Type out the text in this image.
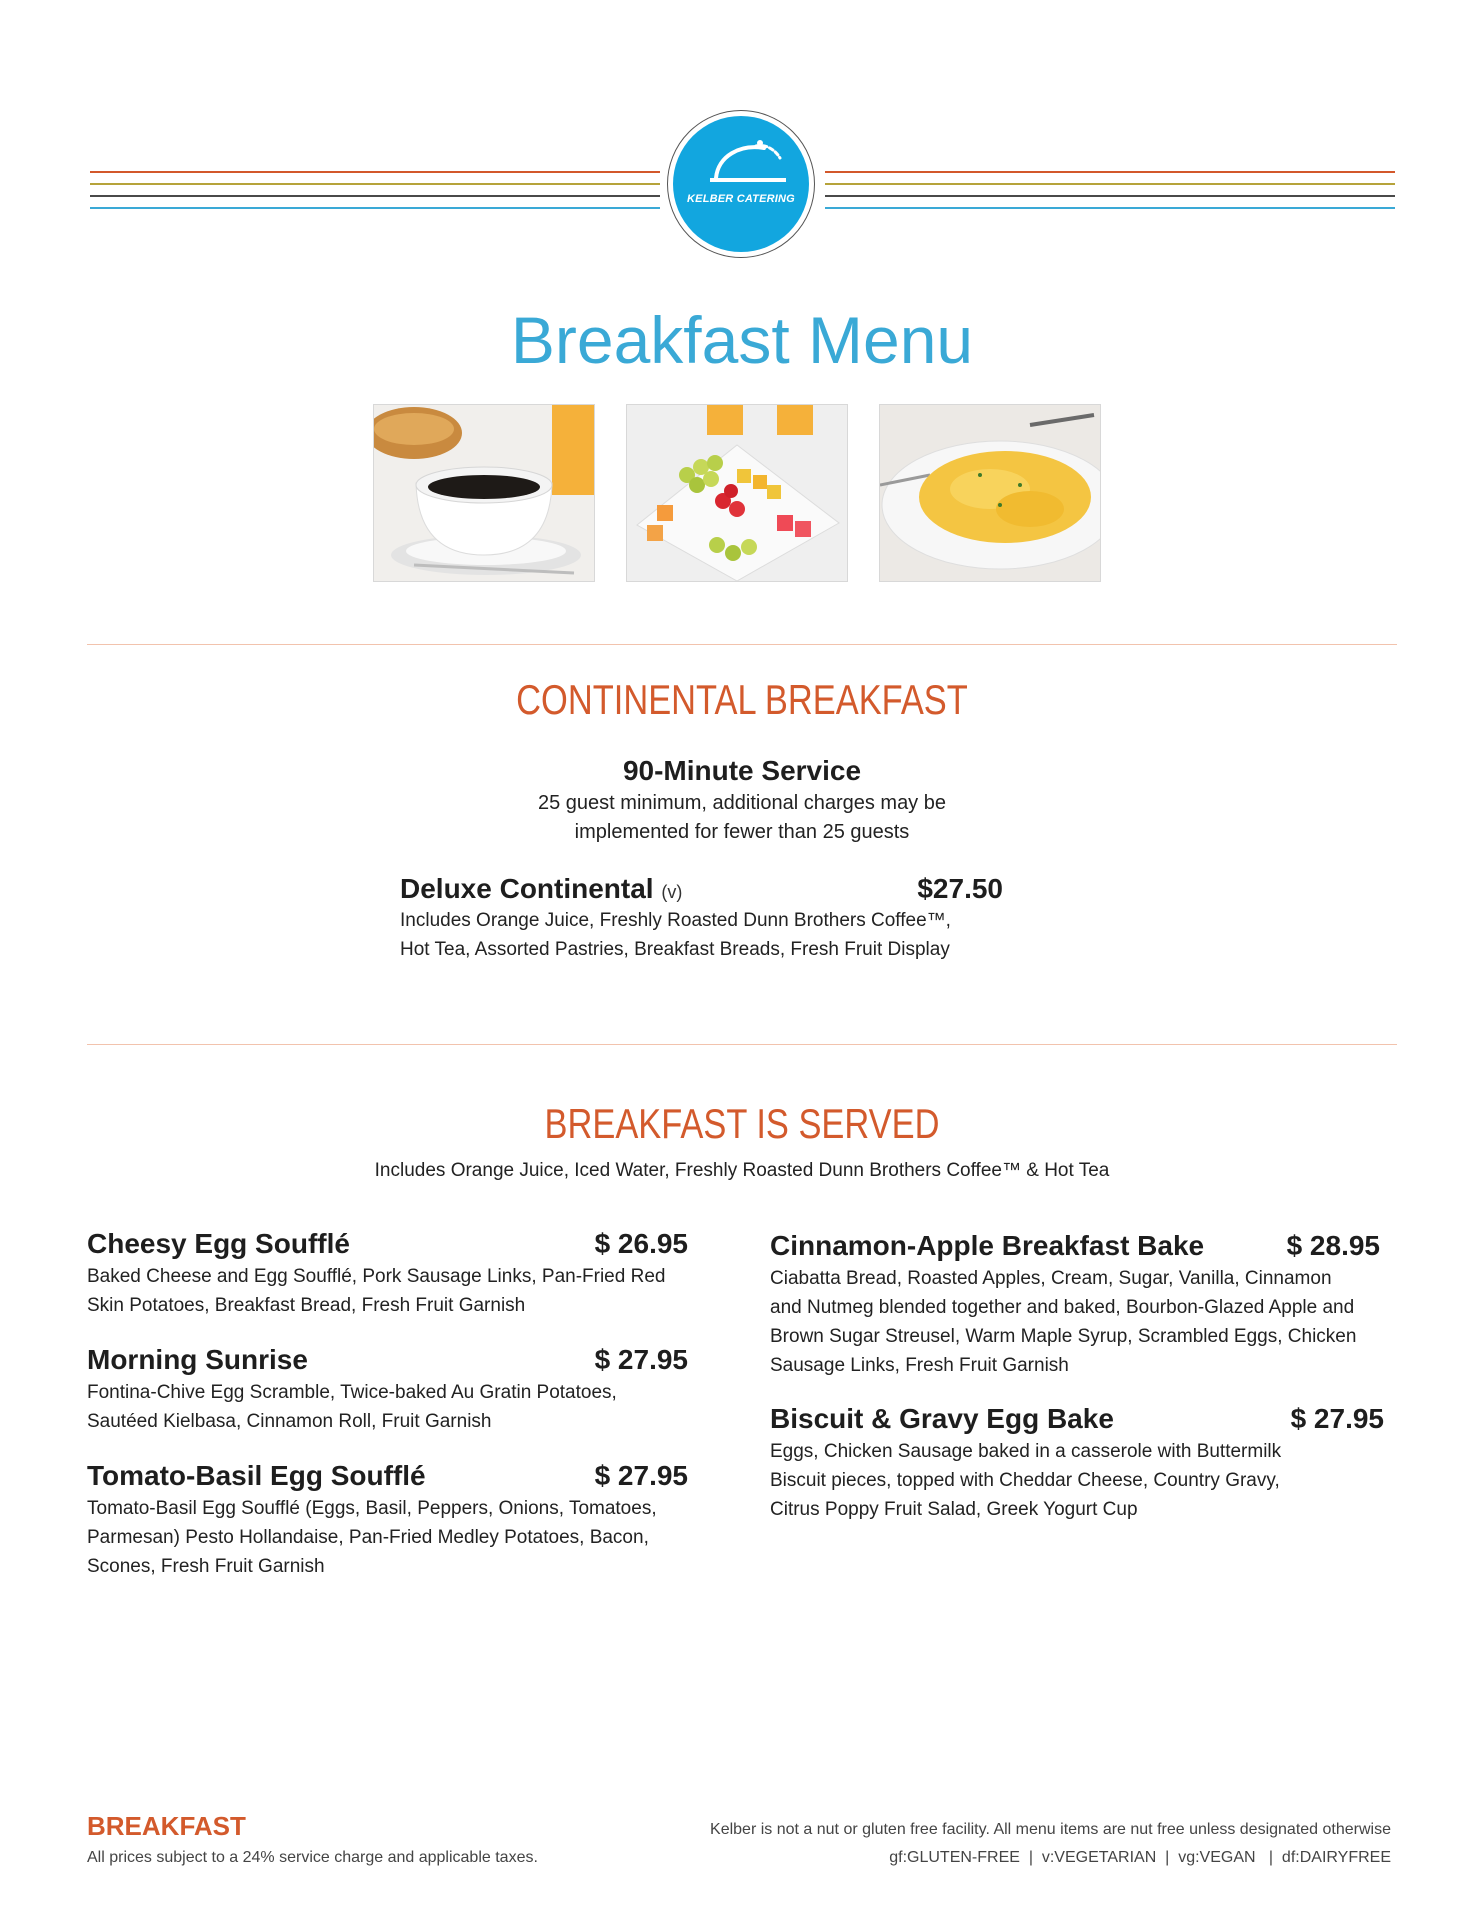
KELBER CATERING
Breakfast Menu
CONTINENTAL BREAKFAST
90-Minute Service
25 guest minimum, additional charges may be
implemented for fewer than 25 guests
Deluxe Continental (v)	$27.50
Includes Orange Juice, Freshly Roasted Dunn Brothers Coffee™,
Hot Tea, Assorted Pastries, Breakfast Breads, Fresh Fruit Display
BREAKFAST IS SERVED
Includes Orange Juice, Iced Water, Freshly Roasted Dunn Brothers Coffee™ & Hot Tea
Cheesy Egg Soufflé	$ 26.95
Baked Cheese and Egg Soufflé, Pork Sausage Links, Pan-Fried Red
Skin Potatoes, Breakfast Bread, Fresh Fruit Garnish
Morning Sunrise	$ 27.95
Fontina-Chive Egg Scramble, Twice-baked Au Gratin Potatoes,
Sautéed Kielbasa, Cinnamon Roll, Fruit Garnish
Tomato-Basil Egg Soufflé	$ 27.95
Tomato-Basil Egg Soufflé (Eggs, Basil, Peppers, Onions, Tomatoes,
Parmesan) Pesto Hollandaise, Pan-Fried Medley Potatoes, Bacon,
Scones, Fresh Fruit Garnish
Cinnamon-Apple Breakfast Bake	$ 28.95
Ciabatta Bread, Roasted Apples, Cream, Sugar, Vanilla, Cinnamon
and Nutmeg blended together and baked, Bourbon-Glazed Apple and
Brown Sugar Streusel, Warm Maple Syrup, Scrambled Eggs, Chicken
Sausage Links, Fresh Fruit Garnish
Biscuit & Gravy Egg Bake	$ 27.95
Eggs, Chicken Sausage baked in a casserole with Buttermilk
Biscuit pieces, topped with Cheddar Cheese, Country Gravy,
Citrus Poppy Fruit Salad, Greek Yogurt Cup
BREAKFAST
All prices subject to a 24% service charge and applicable taxes.
Kelber is not a nut or gluten free facility. All menu items are nut free unless designated otherwise
gf:GLUTEN-FREE  |  v:VEGETARIAN  |  vg:VEGAN   |  df:DAIRYFREE
